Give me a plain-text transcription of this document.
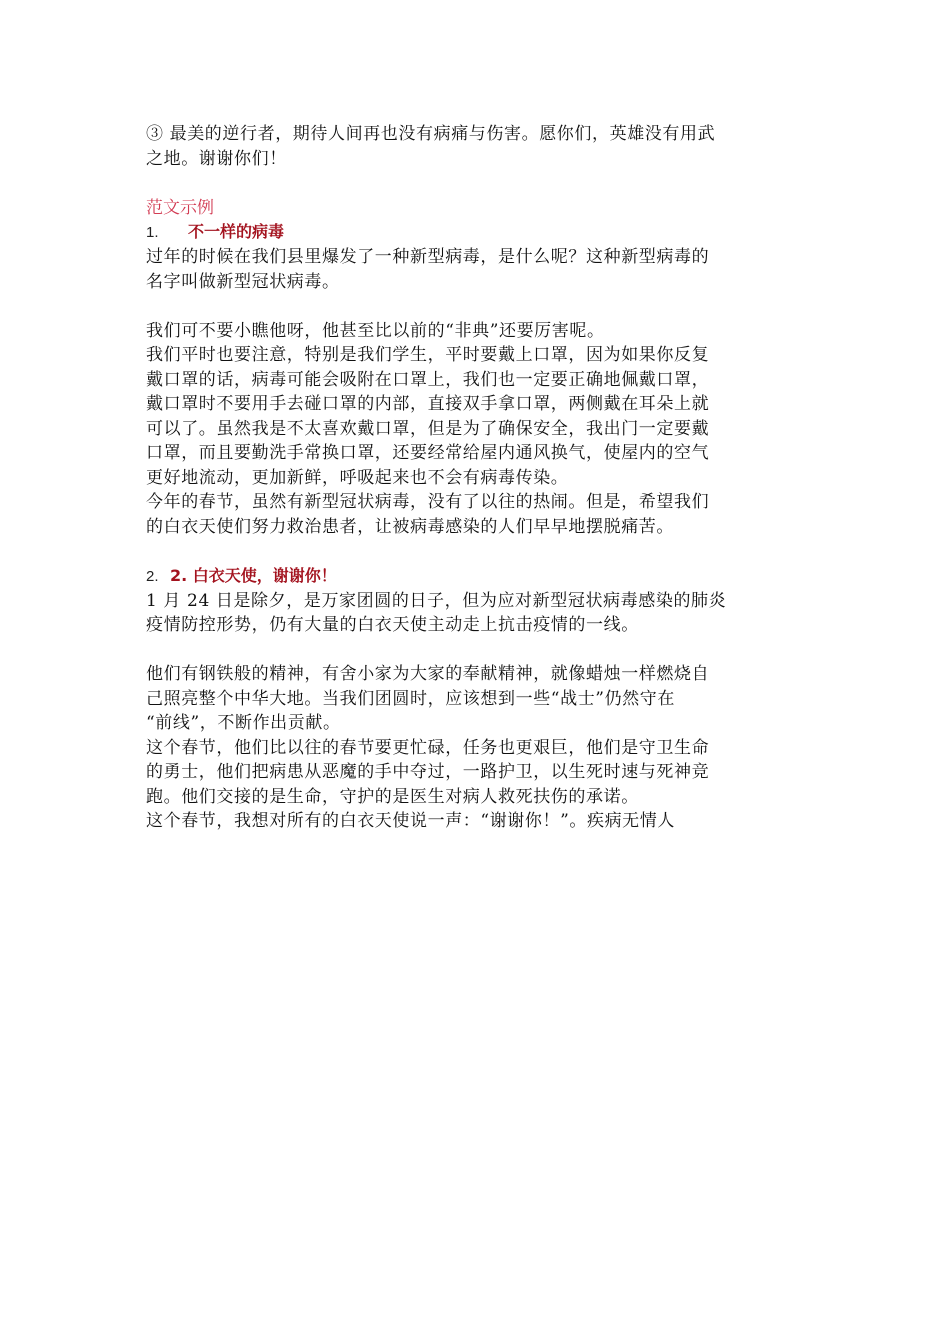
③ 最美的逆行者，期待人间再也没有病痛与伤害。愿你们，英雄没有用武

之地。谢谢你们！

范文示例

1.	不一样的病毒

过年的时候在我们县里爆发了一种新型病毒，是什么呢？这种新型病毒的

名字叫做新型冠状病毒。

我们可不要小瞧他呀，他甚至比以前的“非典”还要厉害呢。

我们平时也要注意，特别是我们学生，平时要戴上口罩，因为如果你反复

戴口罩的话，病毒可能会吸附在口罩上，我们也一定要正确地佩戴口罩，

戴口罩时不要用手去碰口罩的内部，直接双手拿口罩，两侧戴在耳朵上就

可以了。虽然我是不太喜欢戴口罩，但是为了确保安全，我出门一定要戴

口罩，而且要勤洗手常换口罩，还要经常给屋内通风换气，使屋内的空气

更好地流动，更加新鲜，呼吸起来也不会有病毒传染。

今年的春节，虽然有新型冠状病毒，没有了以往的热闹。但是，希望我们

的白衣天使们努力救治患者，让被病毒感染的人们早早地摆脱痛苦。

2. 2. 白衣天使，谢谢你！

1 月 24 日是除夕，是万家团圆的日子，但为应对新型冠状病毒感染的肺炎

疫情防控形势，仍有大量的白衣天使主动走上抗击疫情的一线。

他们有钢铁般的精神，有舍小家为大家的奉献精神，就像蜡烛一样燃烧自

己照亮整个中华大地。当我们团圆时，应该想到一些“战士”仍然守在

“前线”，不断作出贡献。

这个春节，他们比以往的春节要更忙碌，任务也更艰巨，他们是守卫生命

的勇士，他们把病患从恶魔的手中夺过，一路护卫，以生死时速与死神竞

跑。他们交接的是生命，守护的是医生对病人救死扶伤的承诺。

这个春节，我想对所有的白衣天使说一声：“谢谢你！”。疾病无情人
